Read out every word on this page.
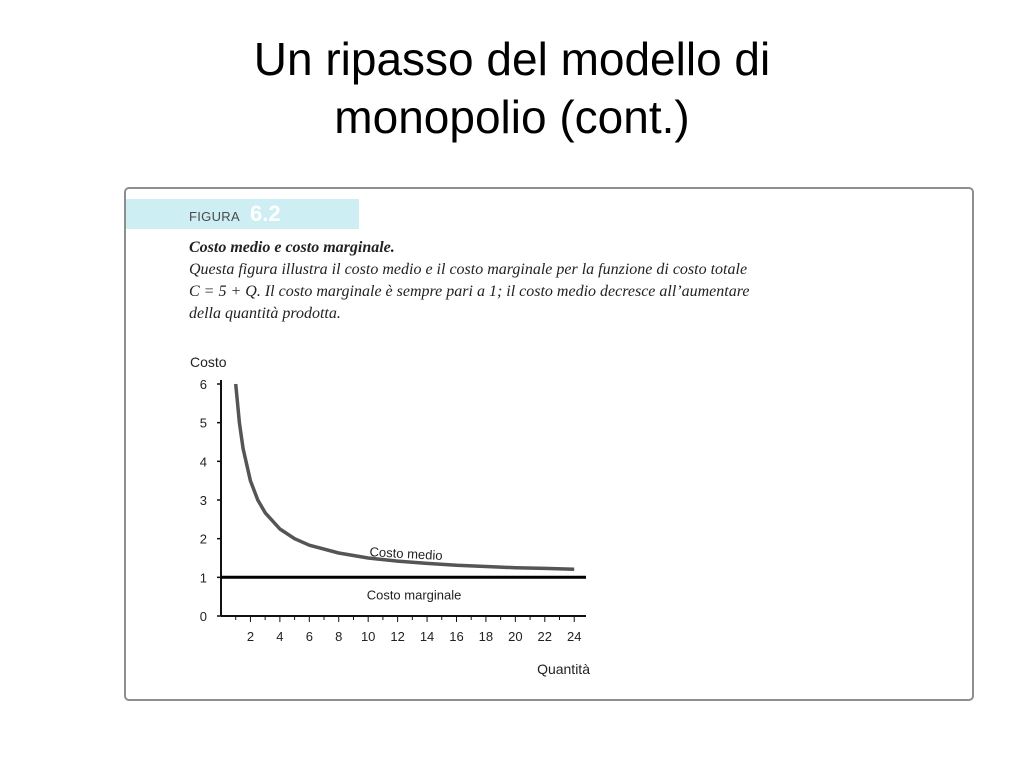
Un ripasso del modello di
monopolio (cont.)
FIGURA 6.2
Costo medio e costo marginale.
Questa figura illustra il costo medio e il costo marginale per la funzione di costo totale
C = 5 + Q. Il costo marginale è sempre pari a 1; il costo medio decresce all’aumentare
della quantità prodotta.
Costo
Quantità
0
1
2
3
4
5
6
2 4 6 8 10 12 14 16 18 20 22 24
Costo medio
Costo marginale
